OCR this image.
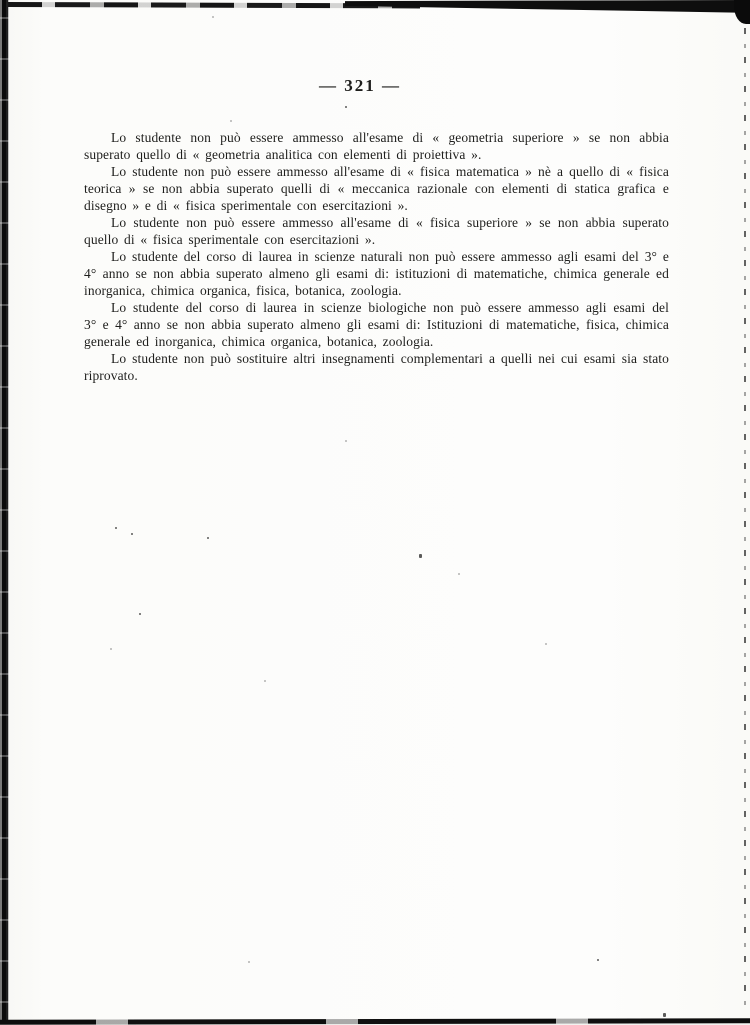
— 321 —

Lo studente non può essere ammesso all'esame di « geometria superiore » se non abbia superato quello di « geometria analitica con elementi di proiettiva ».

Lo studente non può essere ammesso all'esame di « fisica matematica » nè a quello di « fisica teorica » se non abbia superato quelli di « meccanica razionale con elementi di statica grafica e disegno » e di « fisica sperimentale con esercitazioni ».

Lo studente non può essere ammesso all'esame di « fisica superiore » se non abbia superato quello di « fisica sperimentale con esercitazioni ».

Lo studente del corso di laurea in scienze naturali non può essere ammesso agli esami del 3° e 4° anno se non abbia superato almeno gli esami di: istituzioni di matematiche, chimica generale ed inorganica, chimica organica, fisica, botanica, zoologia.

Lo studente del corso di laurea in scienze biologiche non può essere ammesso agli esami del 3° e 4° anno se non abbia superato almeno gli esami di: Istituzioni di matematiche, fisica, chimica generale ed inorganica, chimica organica, botanica, zoologia.

Lo studente non può sostituire altri insegnamenti complementari a quelli nei cui esami sia stato riprovato.
